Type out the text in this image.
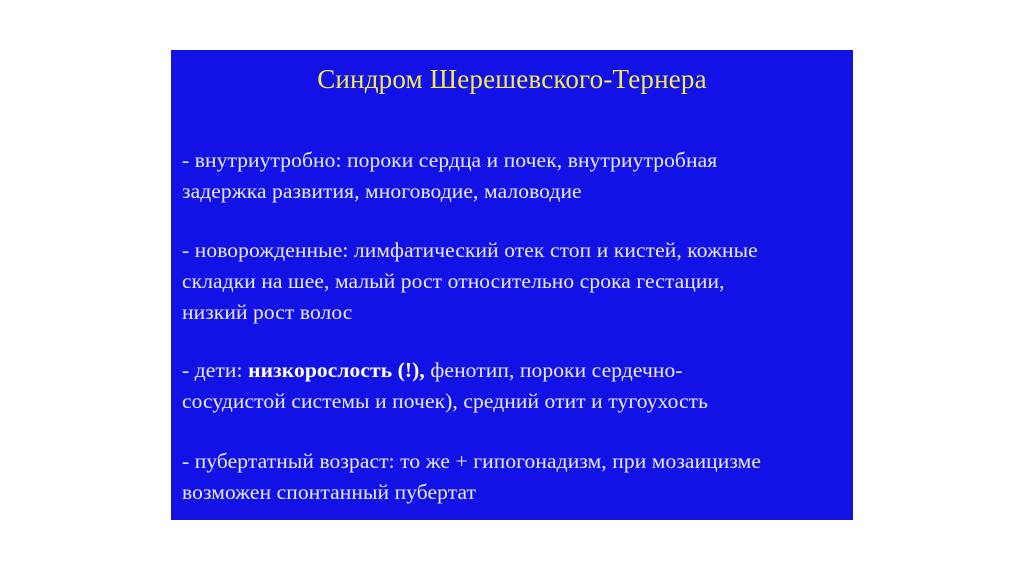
Синдром Шерешевского-Тернера
- внутриутробно: пороки сердца и почек, внутриутробная
задержка развития, многоводие, маловодие
- новорожденные: лимфатический отек стоп и кистей, кожные
складки на шее, малый рост относительно срока гестации,
низкий рост волос
- дети: низкорослость (!), фенотип, пороки сердечно-
сосудистой системы и почек), средний отит и тугоухость
- пубертатный возраст: то же + гипогонадизм, при мозаицизме
возможен спонтанный пубертат
